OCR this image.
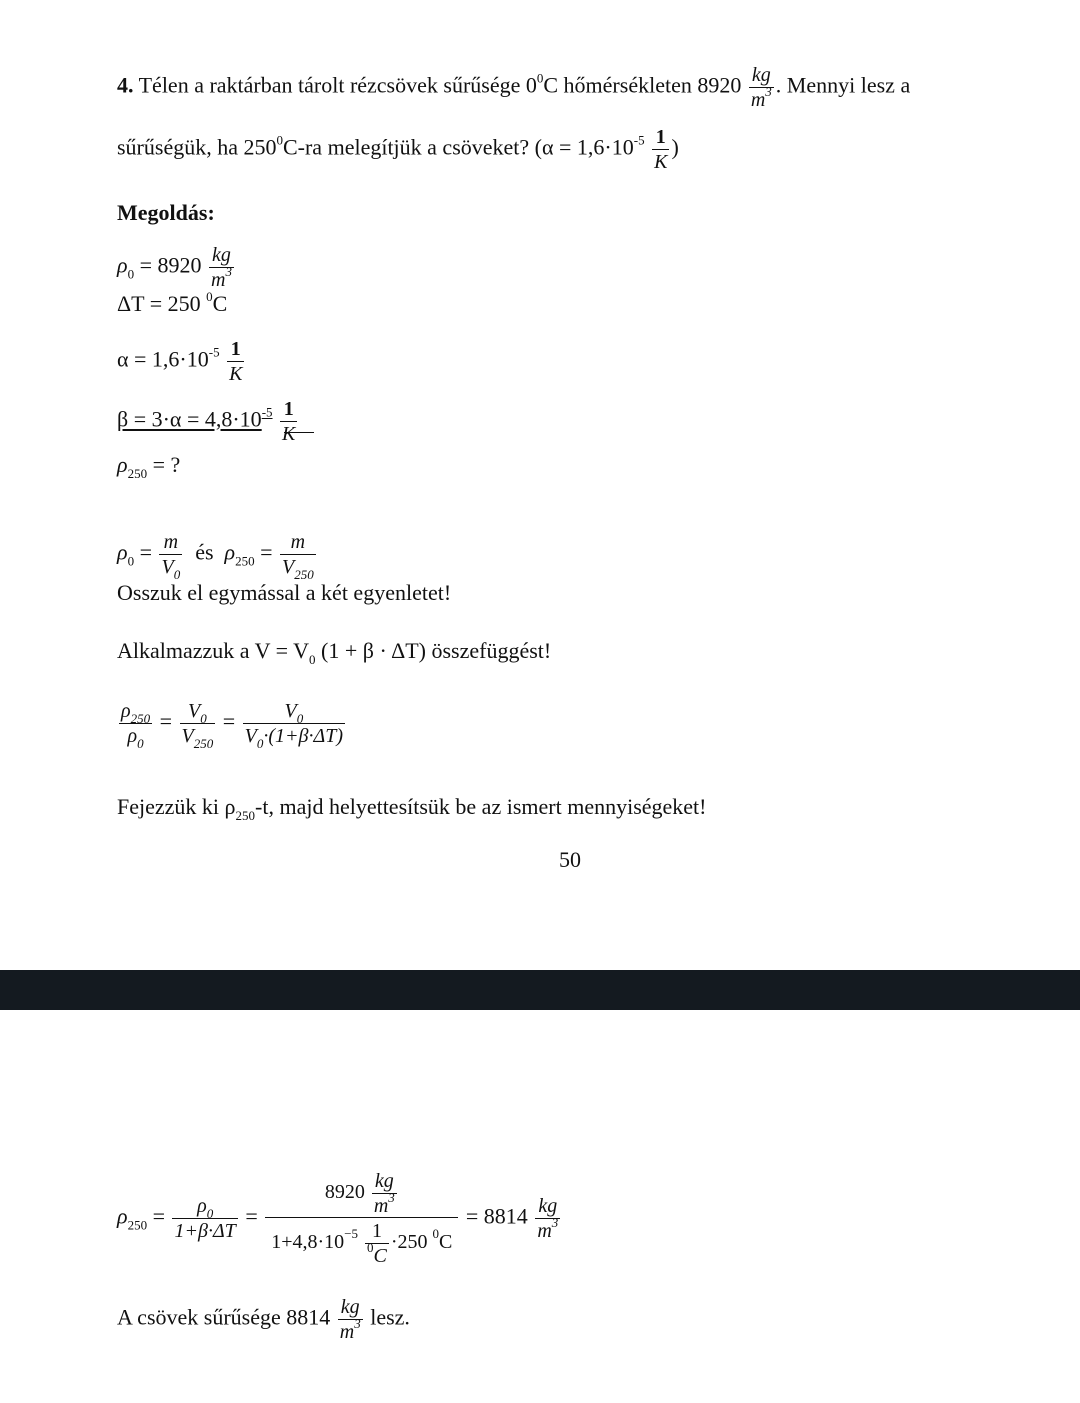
4. Télen a raktárban tárolt rézcsövek sűrűsége $0^0C$ hőmérsékleten $8920 \frac{kg}{m^3}$ . Mennyi lesz a
sűrűségük, ha $250^0C-ra$ melegítjük a csöveket? ($\alpha = 1,6\cdot 10^{-5} \frac{1}{K}$ )
Megoldás:
$\rho_0 = 8920 \frac{kg}{m^3}$
ΔT = 250 $^0$C
$\alpha = 1,6\cdot 10^{-5} \frac{1}{K}$
$\beta = 3\cdot\alpha = 4,8\cdot 10^{-5} \frac{1}{K}$
$\rho_{250}$ = ?
$\rho_0 = \frac{m}{V_0}$ és $\rho_{250} = \frac{m}{V_{250}}$
Osszuk el egymással a két egyenletet!
Alkalmazzuk a $V = V_0$ (1 + β · ΔT) összefüggést!
$\frac{\rho_{250}}{\rho_0} = \frac{V_0}{V_{250}} = \frac{V_0}{V_0\cdot(1+\beta\cdot\Delta T)}$
Fejezzük ki $\rho_{250}-t$, majd helyettesítsük be az ismert mennyiségeket!
50
$\rho_{250} = \frac{\rho_0}{1+\beta\cdot\Delta T} = \frac{8920 \frac{kg}{m^3}}{1+4,8\cdot 10^{-5} \frac{1}{^0C} \cdot 250 ^0C} = 8814 \frac{kg}{m^3}$
A csövek sűrűsége $8814 \frac{kg}{m^3}$ lesz.
